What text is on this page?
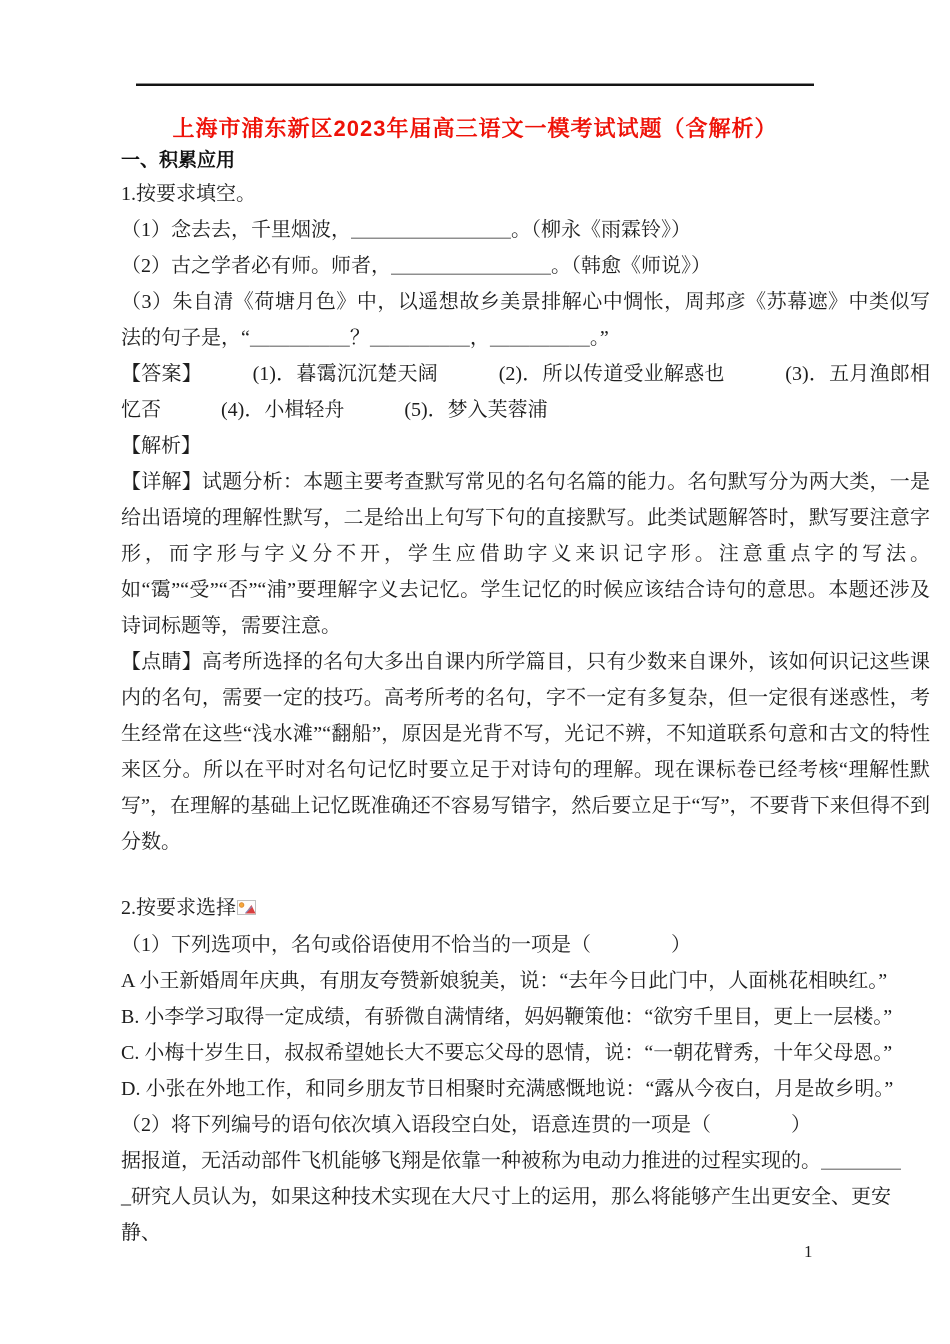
上海市浦东新区2023年届高三语文一模考试试题（含解析）
一、积累应用

1.按要求填空。

（1）念去去，千里烟波，＿＿＿＿＿＿＿＿。（柳永《雨霖铃》）

（2）古之学者必有师。师者，＿＿＿＿＿＿＿＿。（韩愈《师说》）

（3）朱自清《荷塘月色》中，以遥想故乡美景排解心中惆怅，周邦彦《苏幕遮》中类似写法的句子是，“＿＿＿＿＿？＿＿＿＿＿，＿＿＿＿＿。”

【答案】　　　(1)．暮霭沉沉楚天阔　　　(2)．所以传道受业解惑也　　　(3)．五月渔郎相忆否　　　(4)．小楫轻舟　　　(5)．梦入芙蓉浦

【解析】

【详解】试题分析：本题主要考查默写常见的名句名篇的能力。名句默写分为两大类，一是给出语境的理解性默写，二是给出上句写下句的直接默写。此类试题解答时，默写要注意字形，而字形与字义分不开，学生应借助字义来识记字形。注意重点字的写法。如“霭”“受”“否”“浦”要理解字义去记忆。学生记忆的时候应该结合诗句的意思。本题还涉及诗词标题等，需要注意。

【点睛】高考所选择的名句大多出自课内所学篇目，只有少数来自课外，该如何识记这些课内的名句，需要一定的技巧。高考所考的名句，字不一定有多复杂，但一定很有迷惑性，考生经常在这些“浅水滩”“翻船”，原因是光背不写，光记不辨，不知道联系句意和古文的特性来区分。所以在平时对名句记忆时要立足于对诗句的理解。现在课标卷已经考核“理解性默写”，在理解的基础上记忆既准确还不容易写错字，然后要立足于“写”，不要背下来但得不到分数。

2.按要求选择

（1）下列选项中，名句或俗语使用不恰当的一项是（　　　　）

A 小王新婚周年庆典，有朋友夸赞新娘貌美，说：“去年今日此门中，人面桃花相映红。”

B. 小李学习取得一定成绩，有骄微自满情绪，妈妈鞭策他：“欲穷千里目，更上一层楼。”

C. 小梅十岁生日，叔叔希望她长大不要忘父母的恩情，说：“一朝花臂秀，十年父母恩。”

D. 小张在外地工作，和同乡朋友节日相聚时充满感慨地说：“露从今夜白，月是故乡明。”

（2）将下列编号的语句依次填入语段空白处，语意连贯的一项是（　　　　）

据报道，无活动部件飞机能够飞翔是依靠一种被称为电动力推进的过程实现的。＿＿＿＿

_研究人员认为，如果这种技术实现在大尺寸上的运用，那么将能够产生出更安全、更安静、

1
